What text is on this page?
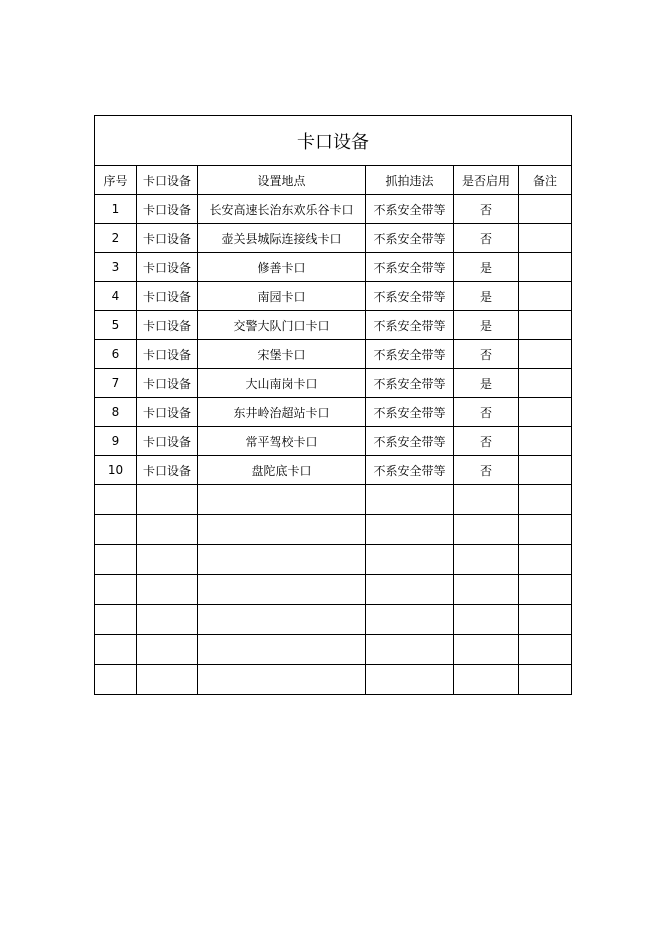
卡口设备					
序号	卡口设备	设置地点	抓拍违法	是否启用	备注
1	卡口设备	长安高速长治东欢乐谷卡口	不系安全带等	否	
2	卡口设备	壶关县城际连接线卡口	不系安全带等	否	
3	卡口设备	修善卡口	不系安全带等	是	
4	卡口设备	南园卡口	不系安全带等	是	
5	卡口设备	交警大队门口卡口	不系安全带等	是	
6	卡口设备	宋堡卡口	不系安全带等	否	
7	卡口设备	大山南岗卡口	不系安全带等	是	
8	卡口设备	东井岭治超站卡口	不系安全带等	否	
9	卡口设备	常平驾校卡口	不系安全带等	否	
10	卡口设备	盘陀底卡口	不系安全带等	否	
